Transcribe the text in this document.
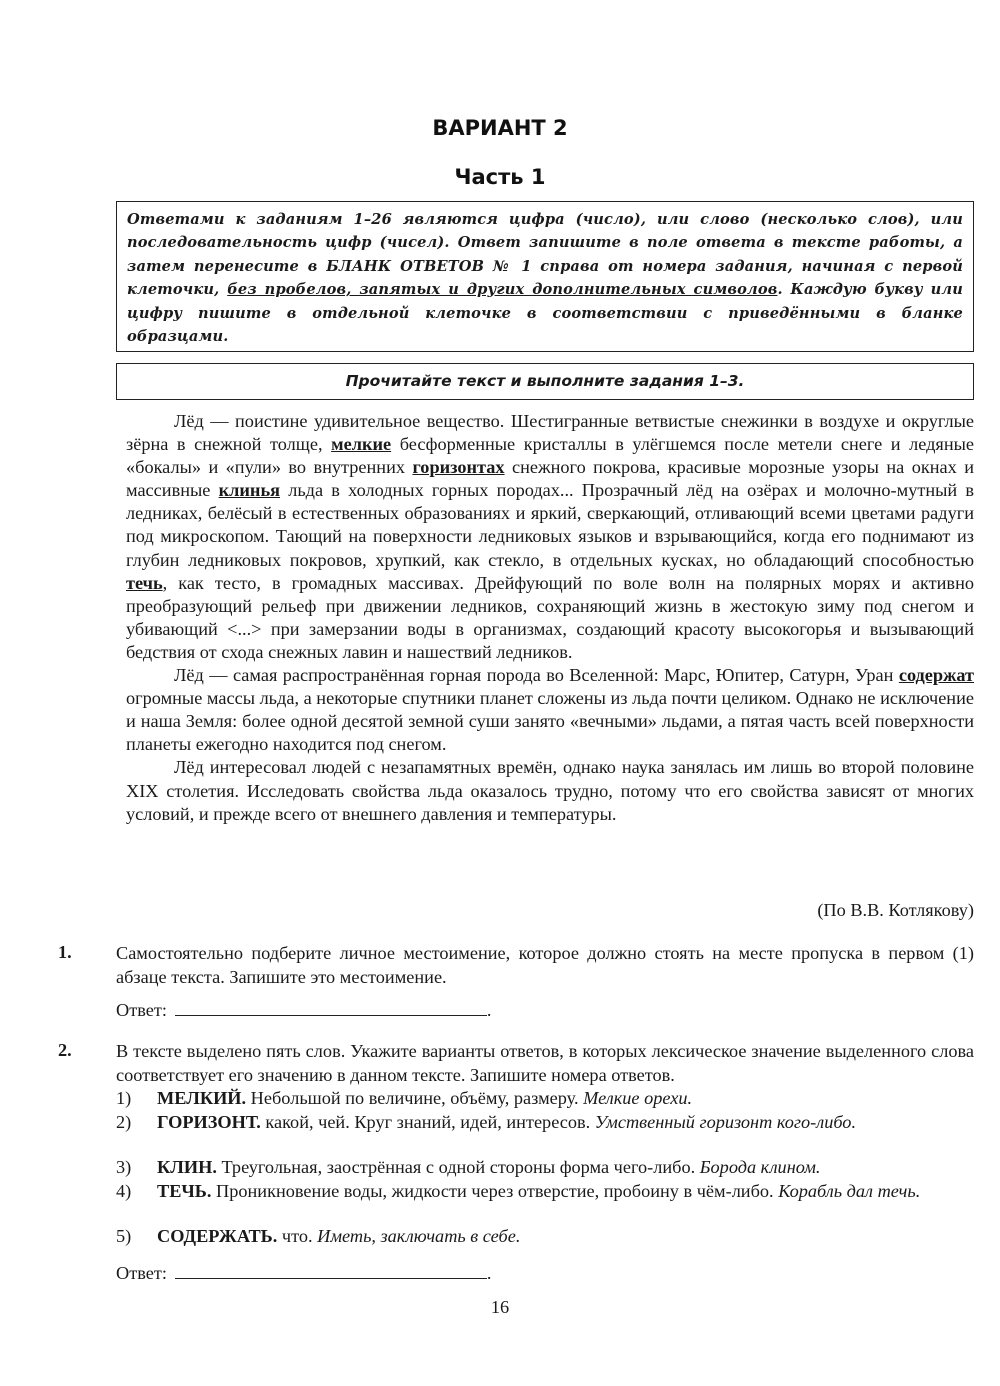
ВАРИАНТ 2
Часть 1
Ответами к заданиям 1–26 являются цифра (число), или слово (несколько слов), или последовательность цифр (чисел). Ответ запишите в поле ответа в тексте работы, а затем перенесите в БЛАНК ОТВЕТОВ № 1 справа от номера задания, начиная с первой клеточки, без пробелов, запятых и других дополнительных символов. Каждую букву или цифру пишите в отдельной клеточке в соответствии с приведёнными в бланке образцами.
Прочитайте текст и выполните задания 1–3.

Лёд — поистине удивительное вещество. Шестигранные ветвистые снежинки в воздухе и округлые зёрна в снежной толще, мелкие бесформенные кристаллы в улёгшемся после метели снеге и ледяные «бокалы» и «пули» во внутренних горизонтах снежного покрова, красивые морозные узоры на окнах и массивные клинья льда в холодных горных породах... Прозрачный лёд на озёрах и молочно-мутный в ледниках, белёсый в естественных образованиях и яркий, сверкающий, отливающий всеми цветами радуги под микроскопом. Тающий на поверхности ледниковых языков и взрывающийся, когда его поднимают из глубин ледниковых покровов, хрупкий, как стекло, в отдельных кусках, но обладающий способностью течь, как тесто, в громадных массивах. Дрейфующий по воле волн на полярных морях и активно преобразующий рельеф при движении ледников, сохраняющий жизнь в жестокую зиму под снегом и убивающий <...> при замерзании воды в организмах, создающий красоту высокогорья и вызывающий бедствия от схода снежных лавин и нашествий ледников.

Лёд — самая распространённая горная порода во Вселенной: Марс, Юпитер, Сатурн, Уран содержат огромные массы льда, а некоторые спутники планет сложены из льда почти целиком. Однако не исключение и наша Земля: более одной десятой земной суши занято «вечными» льдами, а пятая часть всей поверхности планеты ежегодно находится под снегом.

Лёд интересовал людей с незапамятных времён, однако наука занялась им лишь во второй половине XIX столетия. Исследовать свойства льда оказалось трудно, потому что его свойства зависят от многих условий, и прежде всего от внешнего давления и температуры.

(По В.В. Котлякову)
1. Самостоятельно подберите личное местоимение, которое должно стоять на месте пропуска в первом (1) абзаце текста. Запишите это местоимение.
Ответ:	.
2. В тексте выделено пять слов. Укажите варианты ответов, в которых лексическое значение выделенного слова соответствует его значению в данном тексте. Запишите номера ответов.
1) МЕЛКИЙ. Небольшой по величине, объёму, размеру. Мелкие орехи.
2) ГОРИЗОНТ. какой, чей. Круг знаний, идей, интересов. Умственный горизонт кого-либо.
3) КЛИН. Треугольная, заострённая с одной стороны форма чего-либо. Борода клином.
4) ТЕЧЬ. Проникновение воды, жидкости через отверстие, пробоину в чём-либо. Корабль дал течь.
5) СОДЕРЖАТЬ. что. Иметь, заключать в себе.
Ответ:	.
16
